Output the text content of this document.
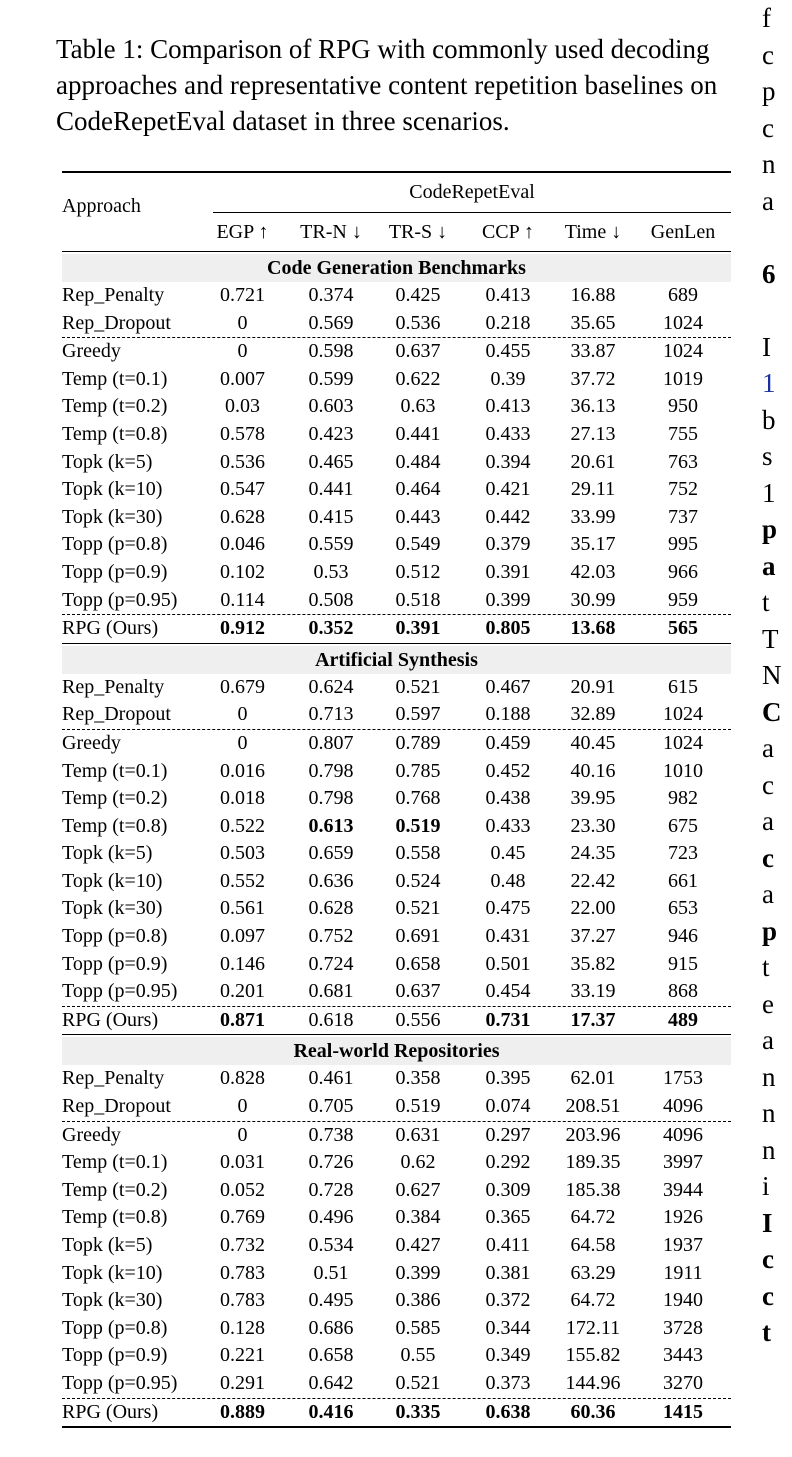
Table 1: Comparison of RPG with commonly used decoding approaches and representative content repetition baselines on CodeRepetEval dataset in three scenarios.
Approach
CodeRepetEval
EGP ↑	TR-N ↓	TR-S ↓	CCP ↑	Time ↓	GenLen
Code Generation Benchmarks
Rep_Penalty	0.721	0.374	0.425	0.413	16.88	689
Rep_Dropout	0	0.569	0.536	0.218	35.65	1024
Greedy	0	0.598	0.637	0.455	33.87	1024
Temp (t=0.1)	0.007	0.599	0.622	0.39	37.72	1019
Temp (t=0.2)	0.03	0.603	0.63	0.413	36.13	950
Temp (t=0.8)	0.578	0.423	0.441	0.433	27.13	755
Topk (k=5)	0.536	0.465	0.484	0.394	20.61	763
Topk (k=10)	0.547	0.441	0.464	0.421	29.11	752
Topk (k=30)	0.628	0.415	0.443	0.442	33.99	737
Topp (p=0.8)	0.046	0.559	0.549	0.379	35.17	995
Topp (p=0.9)	0.102	0.53	0.512	0.391	42.03	966
Topp (p=0.95)	0.114	0.508	0.518	0.399	30.99	959
RPG (Ours)	0.912	0.352	0.391	0.805	13.68	565
Artificial Synthesis
Rep_Penalty	0.679	0.624	0.521	0.467	20.91	615
Rep_Dropout	0	0.713	0.597	0.188	32.89	1024
Greedy	0	0.807	0.789	0.459	40.45	1024
Temp (t=0.1)	0.016	0.798	0.785	0.452	40.16	1010
Temp (t=0.2)	0.018	0.798	0.768	0.438	39.95	982
Temp (t=0.8)	0.522	0.613	0.519	0.433	23.30	675
Topk (k=5)	0.503	0.659	0.558	0.45	24.35	723
Topk (k=10)	0.552	0.636	0.524	0.48	22.42	661
Topk (k=30)	0.561	0.628	0.521	0.475	22.00	653
Topp (p=0.8)	0.097	0.752	0.691	0.431	37.27	946
Topp (p=0.9)	0.146	0.724	0.658	0.501	35.82	915
Topp (p=0.95)	0.201	0.681	0.637	0.454	33.19	868
RPG (Ours)	0.871	0.618	0.556	0.731	17.37	489
Real-world Repositories
Rep_Penalty	0.828	0.461	0.358	0.395	62.01	1753
Rep_Dropout	0	0.705	0.519	0.074	208.51	4096
Greedy	0	0.738	0.631	0.297	203.96	4096
Temp (t=0.1)	0.031	0.726	0.62	0.292	189.35	3997
Temp (t=0.2)	0.052	0.728	0.627	0.309	185.38	3944
Temp (t=0.8)	0.769	0.496	0.384	0.365	64.72	1926
Topk (k=5)	0.732	0.534	0.427	0.411	64.58	1937
Topk (k=10)	0.783	0.51	0.399	0.381	63.29	1911
Topk (k=30)	0.783	0.495	0.386	0.372	64.72	1940
Topp (p=0.8)	0.128	0.686	0.585	0.344	172.11	3728
Topp (p=0.9)	0.221	0.658	0.55	0.349	155.82	3443
Topp (p=0.95)	0.291	0.642	0.521	0.373	144.96	3270
RPG (Ours)	0.889	0.416	0.335	0.638	60.36	1415
f
c
p
c
n
a
6
I
1
b
s
1
p
a
t
T
N
C
a
c
a
c
a
p
t
e
a
n
n
n
i
I
c
c
t
